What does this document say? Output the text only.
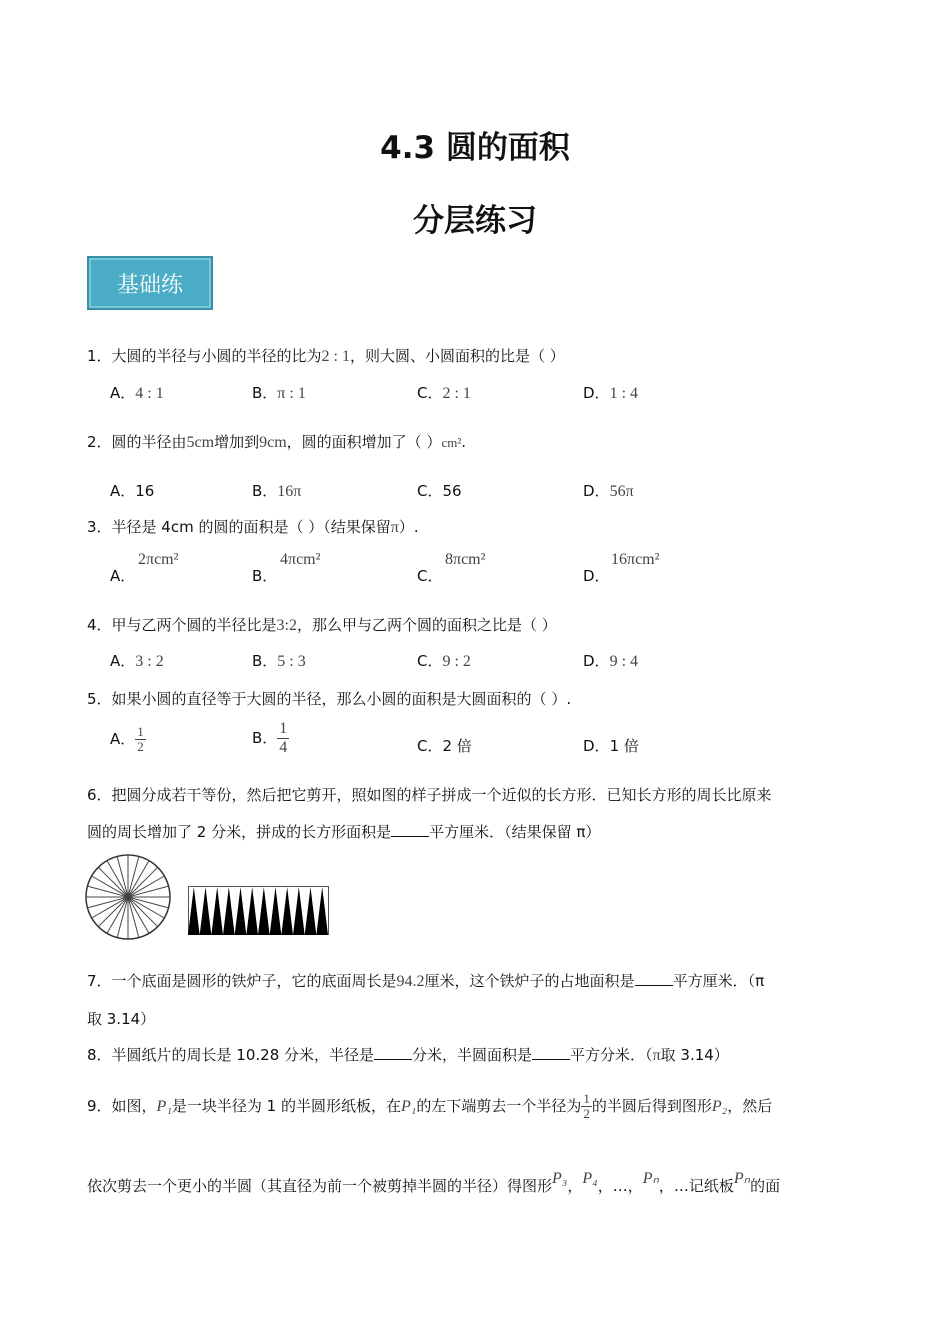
4.3 圆的面积
分层练习
基础练
1．大圆的半径与小圆的半径的比为2 : 1，则大圆、小圆面积的比是（ ）
A．4 : 1	B．π : 1	C．2 : 1	D．1 : 4
2．圆的半径由5cm增加到9cm，圆的面积增加了（ ）cm².
A．16	B．16π	C．56	D．56π
3．半径是 4cm 的圆的面积是（ ）（结果保留π）.
A．
2πcm²
B．
4πcm²
C．
8πcm²
D．
16πcm²
4．甲与乙两个圆的半径比是3:2，那么甲与乙两个圆的面积之比是（ ）
A．3 : 2	B．5 : 3	C．9 : 2	D．9 : 4
5．如果小圆的直径等于大圆的半径，那么小圆的面积是大圆面积的（ ）.
A． $\frac{1}{2}$	B． $\frac{1}{4}$	C．2 倍	D．1 倍
6．把圆分成若干等份，然后把它剪开，照如图的样子拼成一个近似的长方形．已知长方形的周长比原来
圆的周长增加了 2 分米，拼成的长方形面积是	平方厘米．（结果保留 π）
7．一个底面是圆形的铁炉子，它的底面周长是94.2厘米，这个铁炉子的占地面积是	平方厘米．（π
取 3.14）
8．半圆纸片的周长是 10.28 分米，半径是	分米，半圆面积是	平方分米．（π取 3.14）
9．如图，P₁是一块半径为 1 的半圆形纸板，在P₁的左下端剪去一个半径为 $\frac{1}{2}$ 的半圆后得到图形P₂，然后
依次剪去一个更小的半圆（其直径为前一个被剪掉半圆的半径）得图形P₃，P₄，…，Pₙ，…记纸板Pₙ的面
